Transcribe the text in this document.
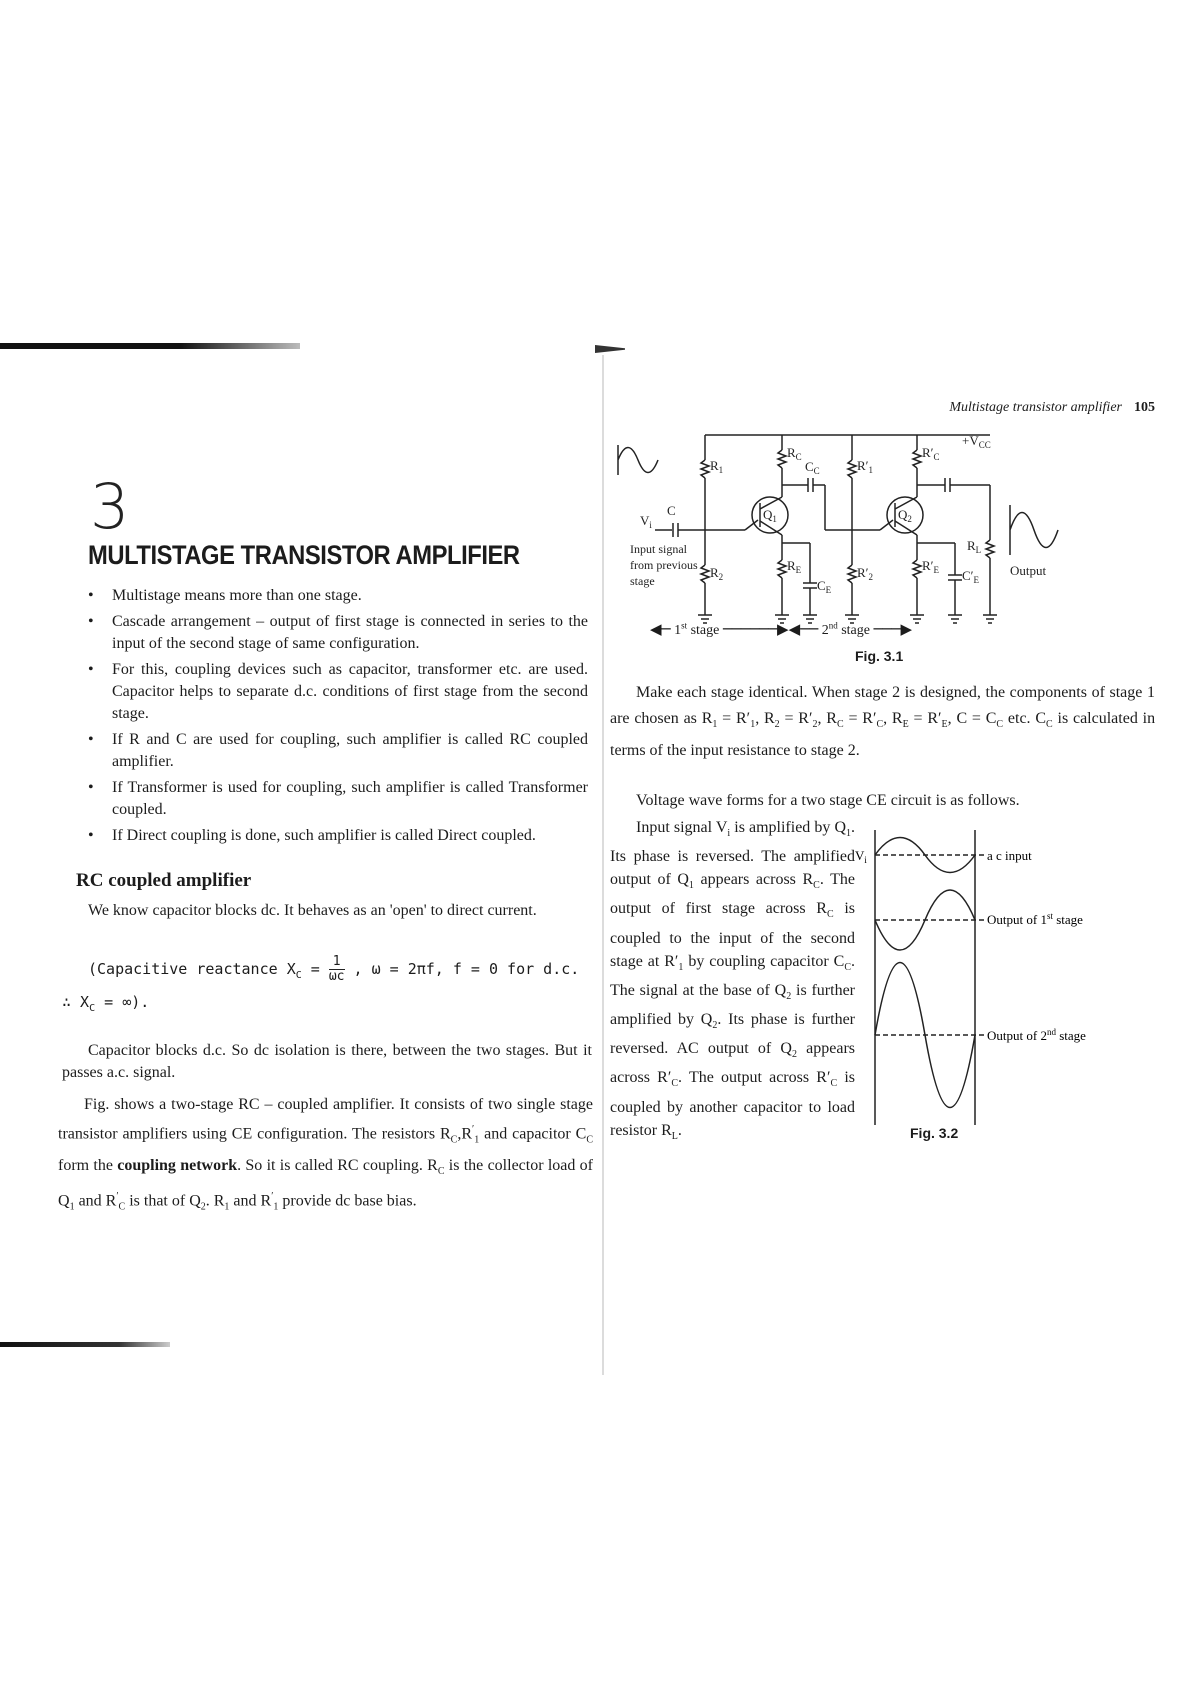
3
MULTISTAGE TRANSISTOR AMPLIFIER
• Multistage means more than one stage.
• Cascade arrangement – output of first stage is connected in series to the input of the second stage of same configuration.
• For this, coupling devices such as capacitor, transformer etc. are used. Capacitor helps to separate d.c. conditions of first stage from the second stage.
• If R and C are used for coupling, such amplifier is called RC coupled amplifier.
• If Transformer is used for coupling, such amplifier is called Transformer coupled.
• If Direct coupling is done, such amplifier is called Direct coupled.
RC coupled amplifier
We know capacitor blocks dc. It behaves as an 'open' to direct current.
(Capacitive reactance $X_C = \frac{1}{\omega c}$ , ω = 2πf, f = 0 for d.c.
∴ $X_C$ = ∞).
Capacitor blocks d.c. So dc isolation is there, between the two stages. But it passes a.c. signal.
Fig. shows a two-stage RC – coupled amplifier. It consists of two single stage transistor amplifiers using CE configuration. The resistors $R_C,R'_1$ and capacitor $C_C$ form the coupling network. So it is called RC coupling. $R_C$ is the collector load of $Q_1$ and $R'_C$ is that of $Q_2$. $R_1$ and $R'_1$ provide dc base bias.
Multistage transistor amplifier 105
$V_i$
C
$R_1$
$R_2$
$R_C$
$C_C$
$R_E$
$C_E$
$Q_1$	$Q_2$
$R'_1$
$R'_2$
$R'_C$
$R'_E$ $C'_E$
$R_L$
$+V_{CC}$
Output
Input signal
from previous
stage
◀─ 1st stage ──────▶◀── 2nd stage ───▶
Fig. 3.1
Make each stage identical. When stage 2 is designed, the components of stage 1 are chosen as $R_1 = R'_1$, $R_2 = R'_2$, $R_C = R'_C$, $R_E = R'_E$, $C = C_C$ etc. $C_C$ is calculated in terms of the input resistance to stage 2.
Voltage wave forms for a two stage CE circuit is as follows.
Input signal $V_i$ is amplified by $Q_1$. Its phase is reversed. The amplified output of $Q_1$ appears across $R_C$. The output of first stage across $R_C$ is coupled to the input of the second stage at $R'_1$ by coupling capacitor $C_C$. The signal at the base of $Q_2$ is further amplified by $Q_2$. Its phase is further reversed. AC output of $Q_2$ appears across $R'_C$. The output across $R'_C$ is coupled by another capacitor to load resistor $R_L$.
$V_i$	a c input
Output of 1st stage
Output of 2nd stage
Fig. 3.2
